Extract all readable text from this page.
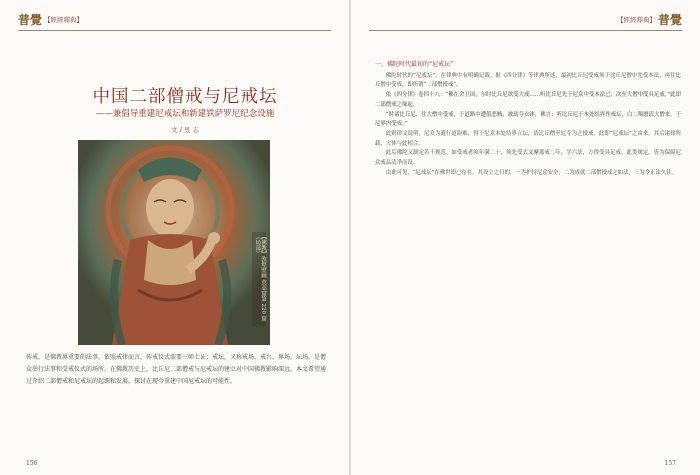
普覺 【經經釋典】
中国二部僧戒与尼戒坛
——兼倡导重建尼戒坛和新建铁萨罗尼纪念设施
文 / 昱 志
【佛教】敦煌壁画 莫高窟第 220 窟（局部）
传戒，是佛教界重要的法事。依照戒律而言，传戒仪式需要三师七证；戒坛，又称戒场、戒台、界场。坛场，是僧众举行法事和受戒仪式的场所。在佛教历史上，比丘尼二部僧戒与尼戒坛的建立对中国佛教影响深远。本文希望通过介绍二部僧戒和尼戒坛的起源和发展，探讨在现今重建中国尼戒坛的可能性。
156
【經經釋典】 普覺

一、佛陀时代最初的“尼戒坛”

佛陀时代的“尼戒坛”，在律典中有明确记载。据《四分律》等律典所述，最初比丘尼受戒须于比丘尼僧中先受本法，再往比丘僧中受戒，即所谓“二部僧授戒”。

依《四分律》卷四十八：“佛在舍卫国，尔时比丘尼欲受大戒……听比丘尼先于尼众中受本法已，次至大僧中受具足戒。”此即二部僧戒之缘起。

“时诸比丘尼，往大僧中受戒，于道路中遭值恶贼，被劫夺衣钵，佛言：听比丘尼于本处结界作戒坛，白二羯磨请大僧来，于尼界内受戒。”

此则律文说明，尼众为避行道险难，得于尼众本处结界立坛，请比丘僧至尼寺为之授戒，此即“尼戒坛”之由来。其后诸律所载，大体与此相合。

此后佛陀又制定若干规范，如受戒者须年满二十，须先受式叉摩那戒二年，学六法，方得受具足戒。此类规定，皆为保障尼众戒品清净而设。

由此可见，“尼戒坛”在佛世即已存在。其设立之目的，一为护持尼众安全，二为成就二部僧授戒之如法，三为令正法久住。

157
